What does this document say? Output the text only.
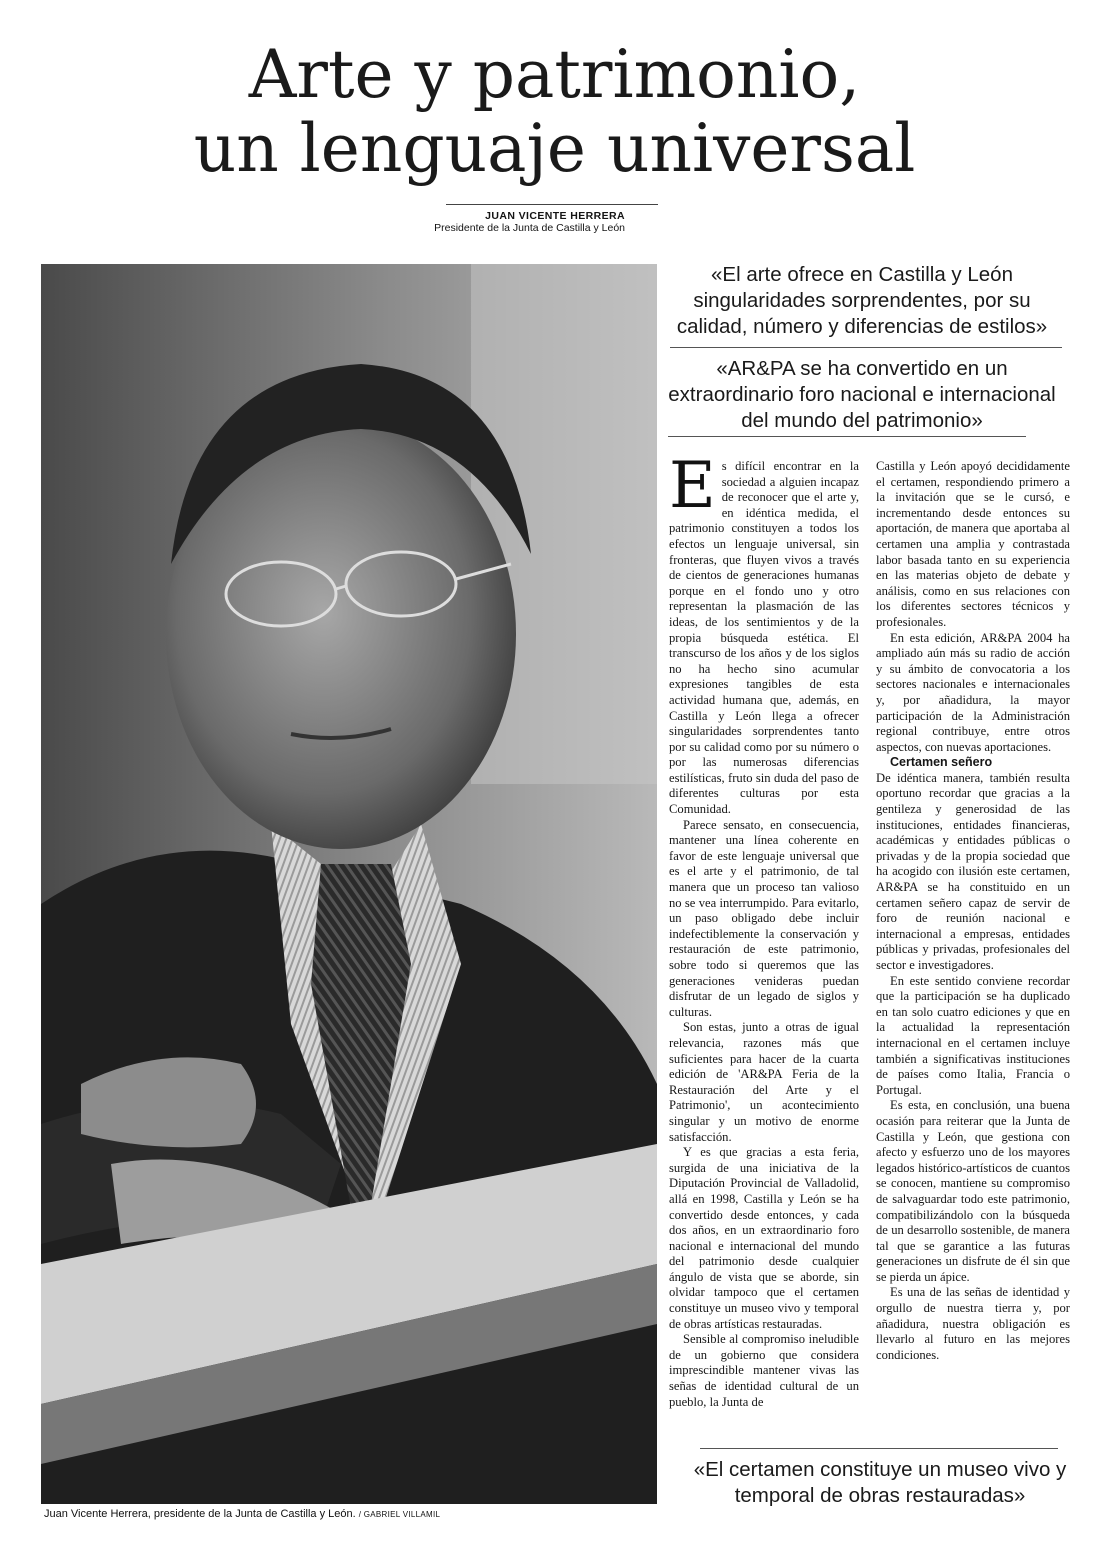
Arte y patrimonio,
un lenguaje universal
JUAN VICENTE HERRERA
Presidente de la Junta de Castilla y León
Juan Vicente Herrera, presidente de la Junta de Castilla y León. / GABRIEL VILLAMIL

«El arte ofrece en Castilla y León singularidades sorprendentes, por su calidad, número y diferencias de estilos»

«AR&PA se ha convertido en un extraordinario foro nacional e internacional del mundo del patrimonio»

Es difícil encontrar en la sociedad a alguien incapaz de reconocer que el arte y, en idéntica medida, el patrimonio constituyen a todos los efectos un lenguaje universal, sin fronteras, que fluyen vivos a través de cientos de generaciones humanas porque en el fondo uno y otro representan la plasmación de las ideas, de los sentimientos y de la propia búsqueda estética. El transcurso de los años y de los siglos no ha hecho sino acumular expresiones tangibles de esta actividad humana que, además, en Castilla y León llega a ofrecer singularidades sorprendentes tanto por su calidad como por su número o por las numerosas diferencias estilísticas, fruto sin duda del paso de diferentes culturas por esta Comunidad.

Parece sensato, en consecuencia, mantener una línea coherente en favor de este lenguaje universal que es el arte y el patrimonio, de tal manera que un proceso tan valioso no se vea interrumpido. Para evitarlo, un paso obligado debe incluir indefectiblemente la conservación y restauración de este patrimonio, sobre todo si queremos que las generaciones venideras puedan disfrutar de un legado de siglos y culturas.

Son estas, junto a otras de igual relevancia, razones más que suficientes para hacer de la cuarta edición de 'AR&PA Feria de la Restauración del Arte y el Patrimonio', un acontecimiento singular y un motivo de enorme satisfacción.

Y es que gracias a esta feria, surgida de una iniciativa de la Diputación Provincial de Valladolid, allá en 1998, Castilla y León se ha convertido desde entonces, y cada dos años, en un extraordinario foro nacional e internacional del mundo del patrimonio desde cualquier ángulo de vista que se aborde, sin olvidar tampoco que el certamen constituye un museo vivo y temporal de obras artísticas restauradas.

Sensible al compromiso ineludible de un gobierno que considera imprescindible mantener vivas las señas de identidad cultural de un pueblo, la Junta de

Castilla y León apoyó decididamente el certamen, respondiendo primero a la invitación que se le cursó, e incrementando desde entonces su aportación, de manera que aportaba al certamen una amplia y contrastada labor basada tanto en su experiencia en las materias objeto de debate y análisis, como en sus relaciones con los diferentes sectores técnicos y profesionales.

En esta edición, AR&PA 2004 ha ampliado aún más su radio de acción y su ámbito de convocatoria a los sectores nacionales e internacionales y, por añadidura, la mayor participación de la Administración regional contribuye, entre otros aspectos, con nuevas aportaciones.

Certamen señero

De idéntica manera, también resulta oportuno recordar que gracias a la gentileza y generosidad de las instituciones, entidades financieras, académicas y entidades públicas o privadas y de la propia sociedad que ha acogido con ilusión este certamen, AR&PA se ha constituido en un certamen señero capaz de servir de foro de reunión nacional e internacional a empresas, entidades públicas y privadas, profesionales del sector e investigadores.

En este sentido conviene recordar que la participación se ha duplicado en tan solo cuatro ediciones y que en la actualidad la representación internacional en el certamen incluye también a significativas instituciones de países como Italia, Francia o Portugal.

Es esta, en conclusión, una buena ocasión para reiterar que la Junta de Castilla y León, que gestiona con afecto y esfuerzo uno de los mayores legados histórico-artísticos de cuantos se conocen, mantiene su compromiso de salvaguardar todo este patrimonio, compatibilizándolo con la búsqueda de un desarrollo sostenible, de manera tal que se garantice a las futuras generaciones un disfrute de él sin que se pierda un ápice.

Es una de las señas de identidad y orgullo de nuestra tierra y, por añadidura, nuestra obligación es llevarlo al futuro en las mejores condiciones.

«El certamen constituye un museo vivo y temporal de obras restauradas»
